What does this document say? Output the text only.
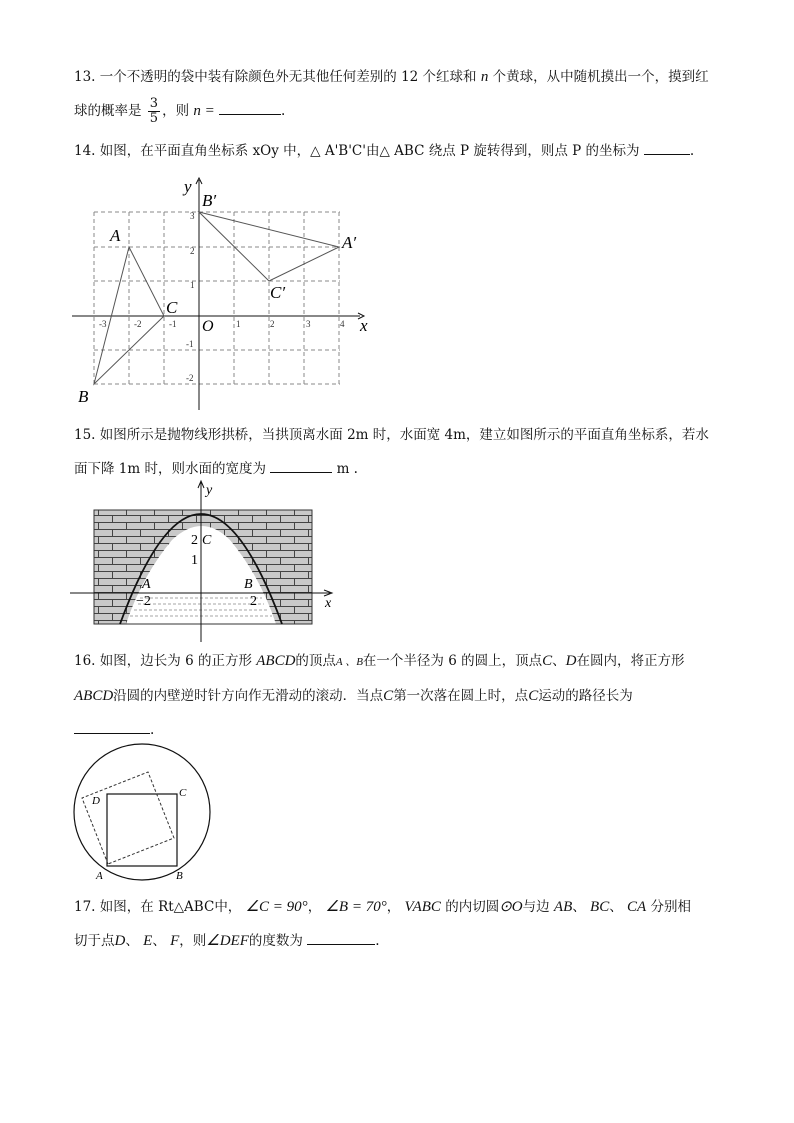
13. 一个不透明的袋中装有除颜色外无其他任何差别的 12 个红球和 n 个黄球，从中随机摸出一个，摸到红
球的概率是 $\frac{3}{5}$ ，则 n =	.
14. 如图，在平面直角坐标系 xOy 中，△ A'B'C'由△ ABC 绕点 P 旋转得到，则点 P 的坐标为	.
x
y
O
-3	-2	-1	1	2	3	4
3
2
1
-1
-2
A
B
C
A′
B′
C′
15. 如图所示是抛物线形拱桥，当拱顶离水面 2m 时，水面宽 4m，建立如图所示的平面直角坐标系，若水
面下降 1m 时，则水面的宽度为	m .
x
y
2 C
1
A	B
−2	2
16. 如图，边长为 6 的正方形 ABCD的顶点A 、B在一个半径为 6 的圆上，顶点C、D在圆内，将正方形
ABCD沿圆的内壁逆时针方向作无滑动的滚动．当点C第一次落在圆上时，点C运动的路径长为
.
A	B
C
D
17. 如图，在 Rt△ABC中， ∠C = 90°， ∠B = 70°， VABC 的内切圆⊙O与边 AB、 BC、 CA 分别相
切于点D、 E、 F，则∠DEF的度数为	.
